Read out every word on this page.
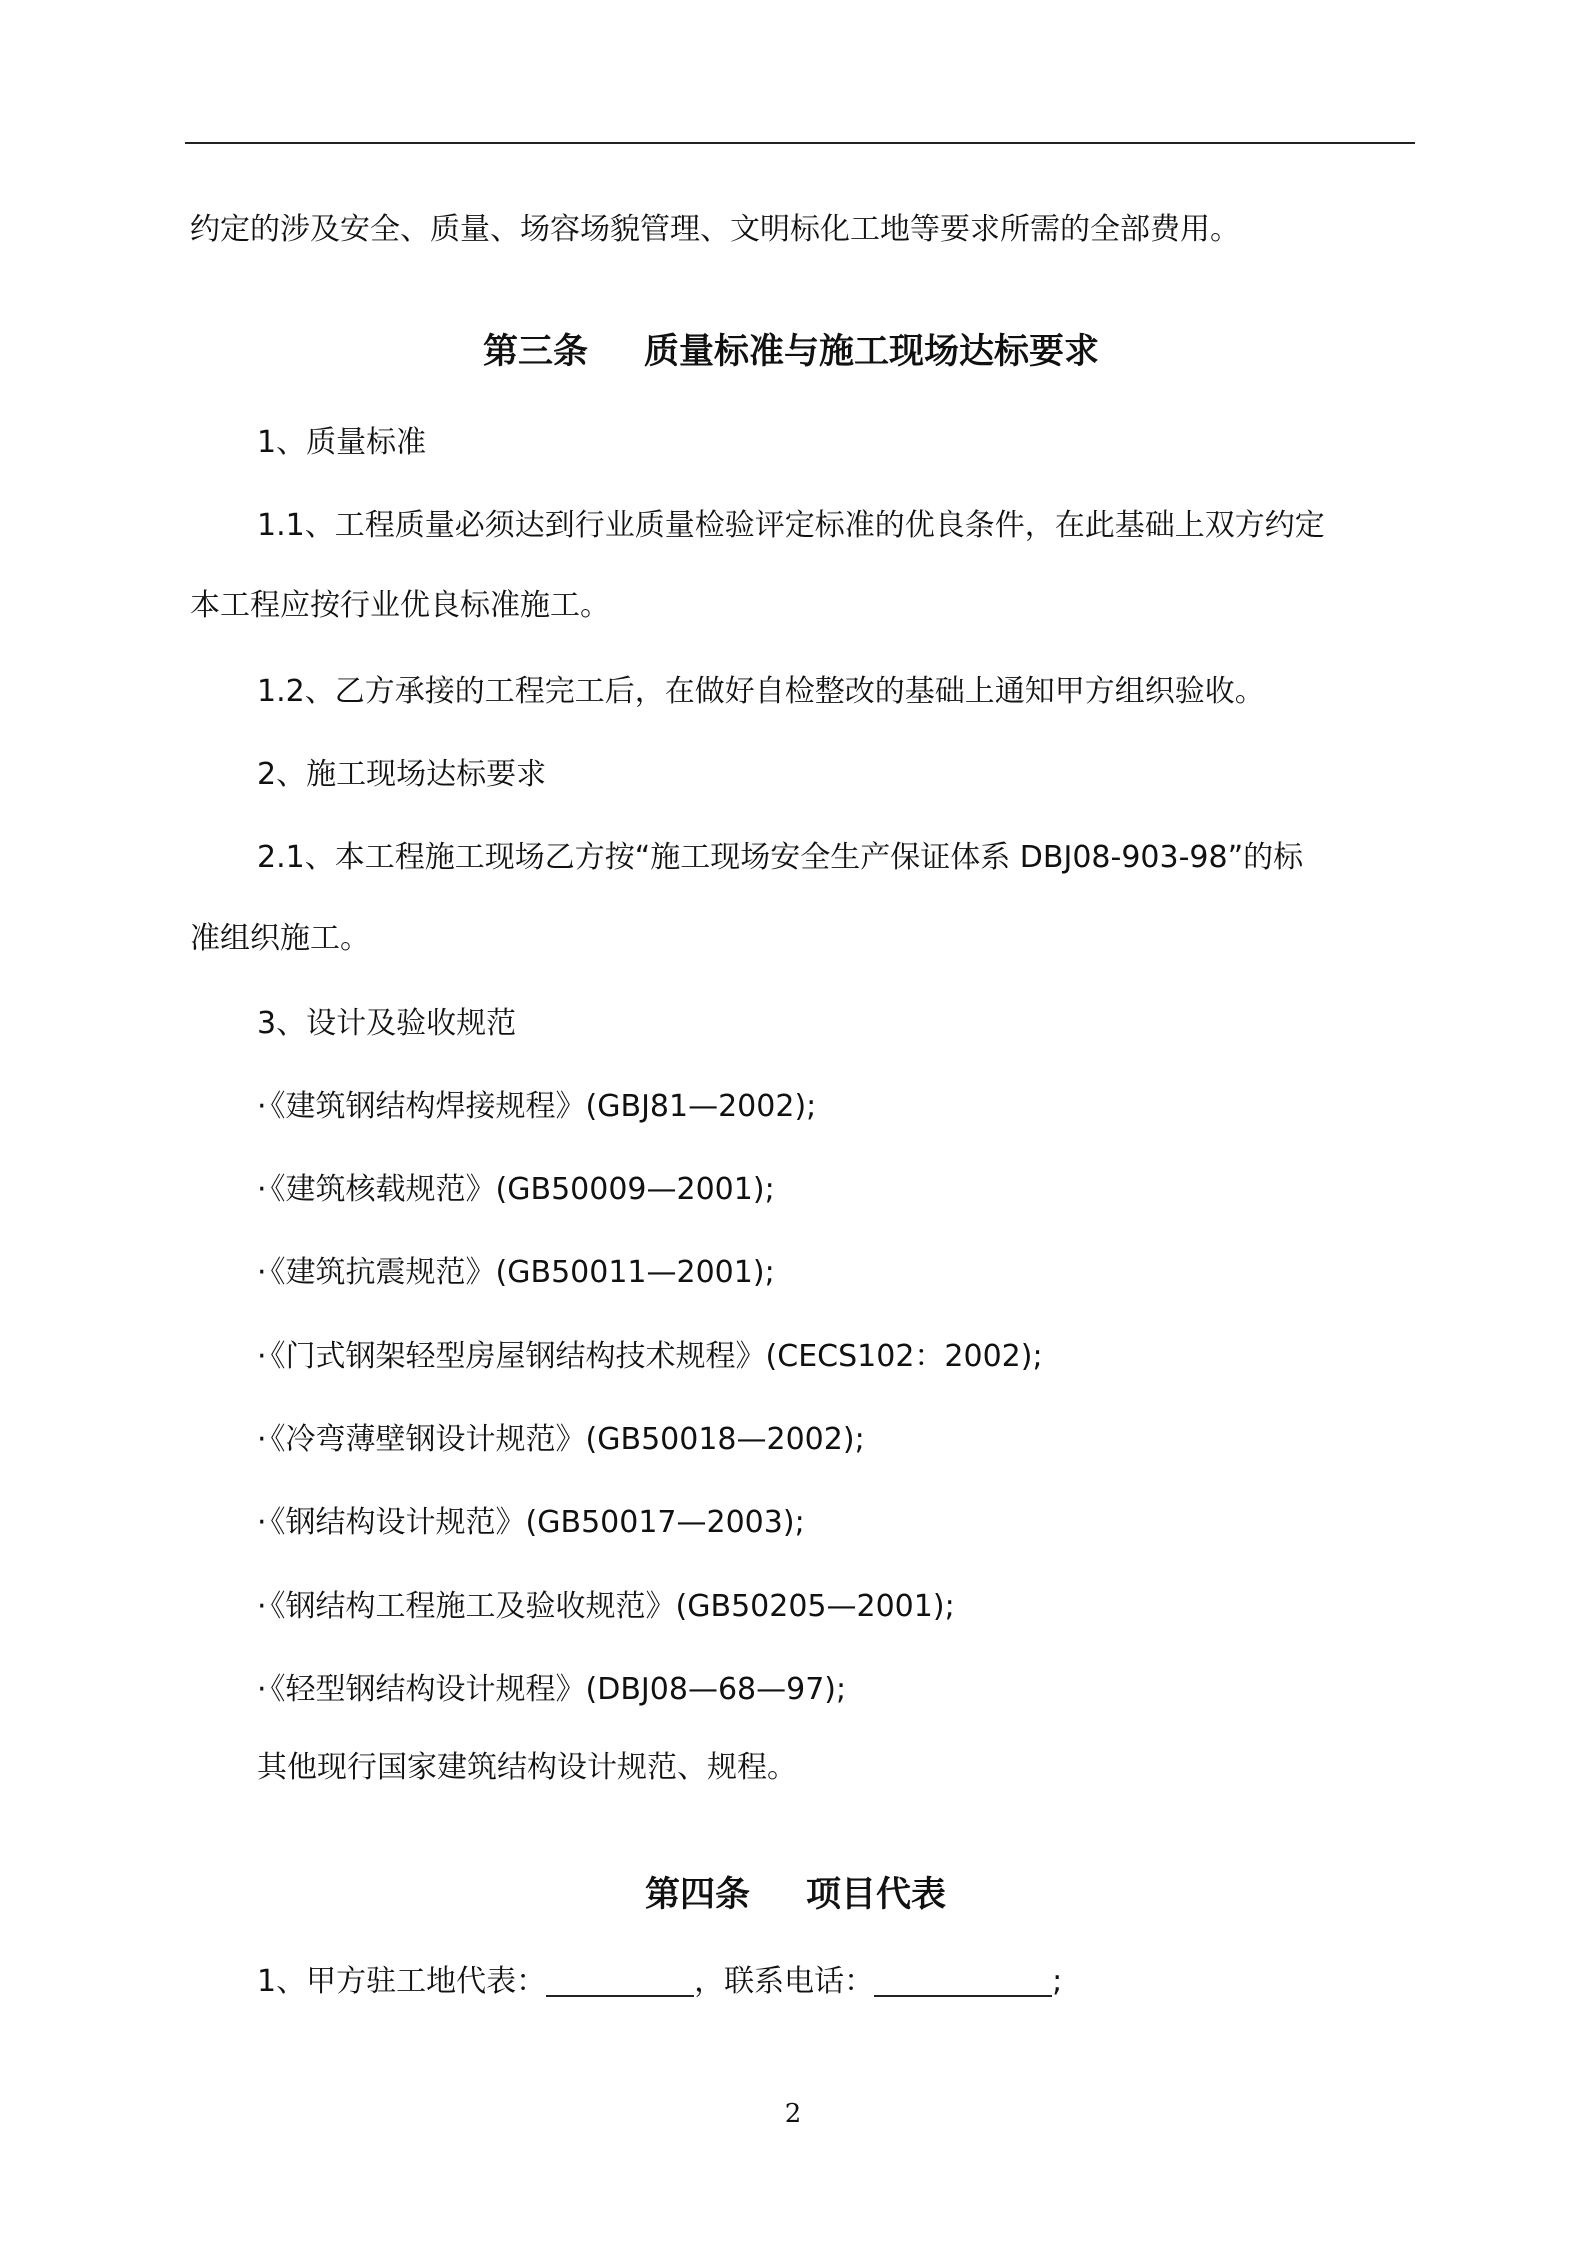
约定的涉及安全、质量、场容场貌管理、文明标化工地等要求所需的全部费用。
第三条 质量标准与施工现场达标要求
1、质量标准
1.1、工程质量必须达到行业质量检验评定标准的优良条件，在此基础上双方约定
本工程应按行业优良标准施工。
1.2、乙方承接的工程完工后，在做好自检整改的基础上通知甲方组织验收。
2、施工现场达标要求
2.1、本工程施工现场乙方按“施工现场安全生产保证体系 DBJ08-903-98”的标
准组织施工。
3、设计及验收规范
· 《建筑钢结构焊接规程》(GBJ81—2002);
· 《建筑核载规范》(GB50009—2001);
· 《建筑抗震规范》(GB50011—2001);
· 《门式钢架轻型房屋钢结构技术规程》(CECS102：2002);
· 《冷弯薄壁钢设计规范》(GB50018—2002);
· 《钢结构设计规范》(GB50017—2003);
· 《钢结构工程施工及验收规范》(GB50205—2001);
· 《轻型钢结构设计规程》(DBJ08—68—97);
其他现行国家建筑结构设计规范、规程。
第四条 项目代表
1、甲方驻工地代表：	，联系电话：	;
2
